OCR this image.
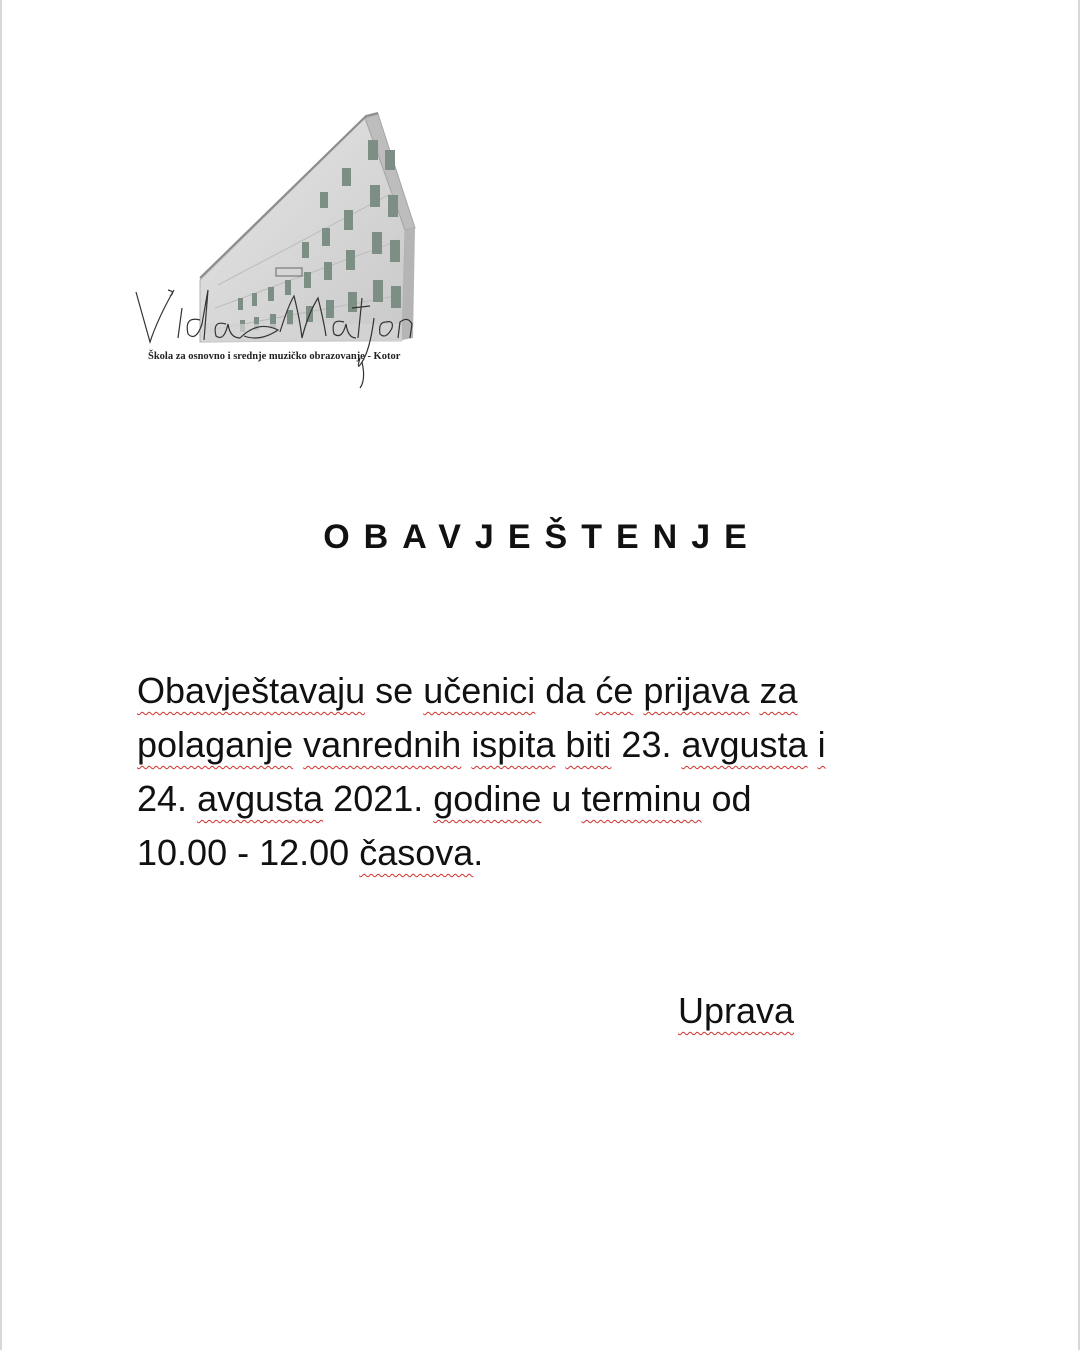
Škola za osnovno i srednje muzičko obrazovanje - Kotor
OBAVJEŠTENJE
Obavještavaju se učenici da će prijava za
polaganje vanrednih ispita biti 23. avgusta i
24. avgusta 2021. godine u terminu od
10.00 - 12.00 časova.
Uprava
